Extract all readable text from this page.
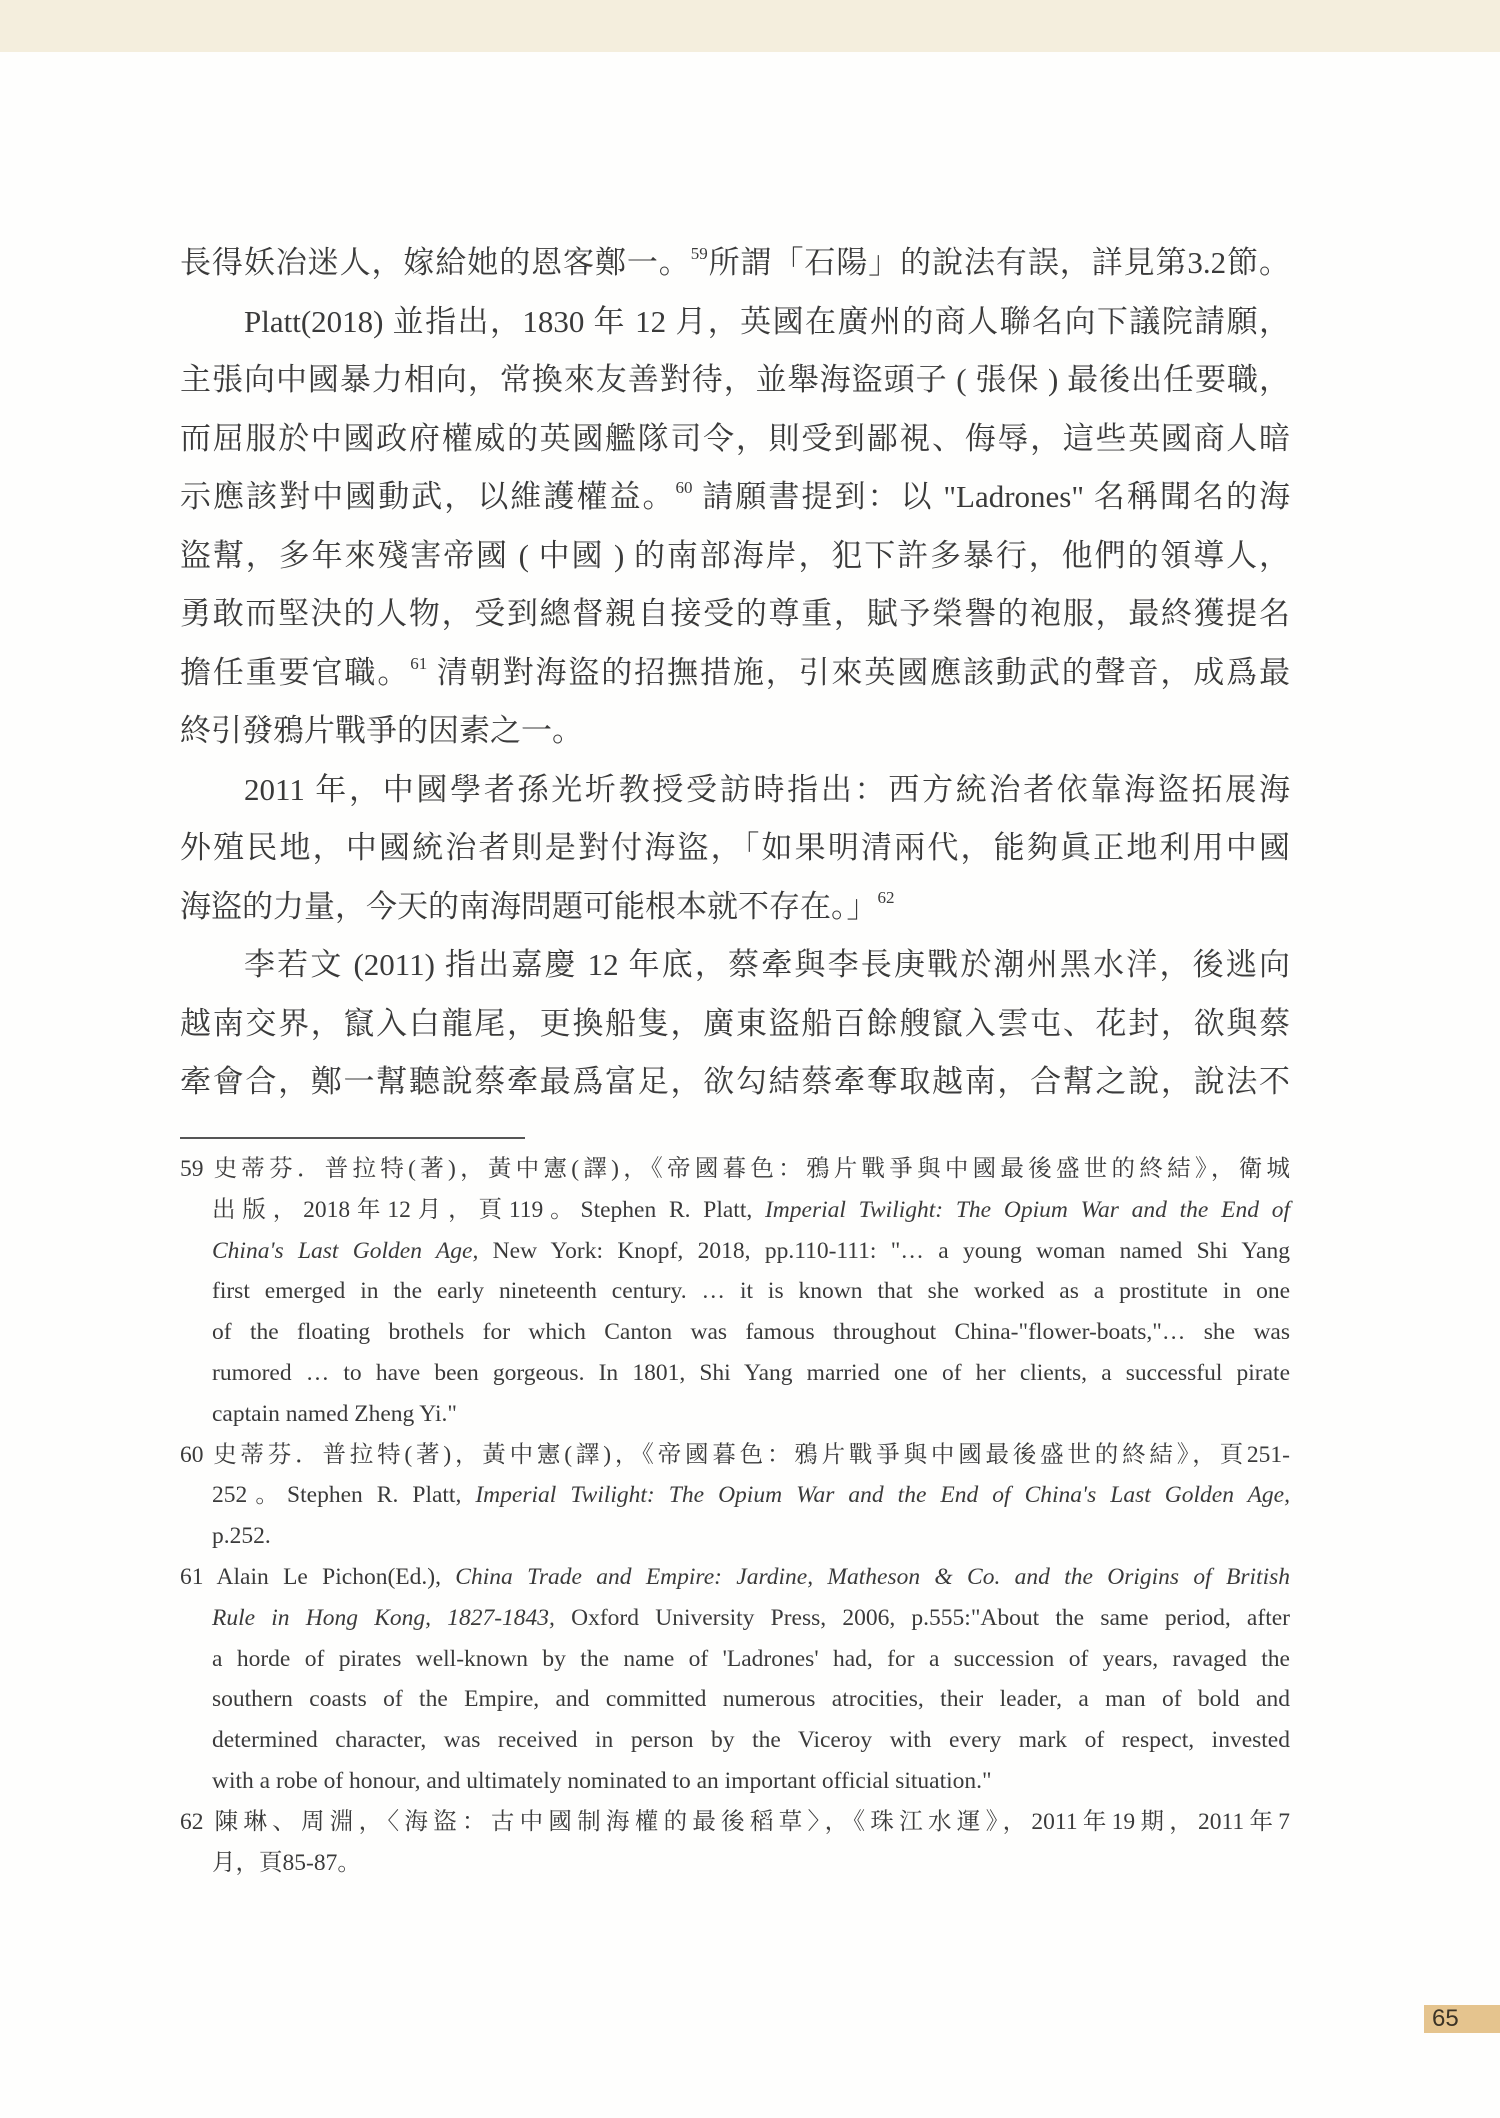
長得妖冶迷人，嫁給她的恩客鄭一。$^{59}$所謂「石陽」的說法有誤，詳見第3.2節。
Platt(2018) 並指出，1830 年 12 月，英國在廣州的商人聯名向下議院請願，
主張向中國暴力相向，常換來友善對待，並舉海盜頭子 ( 張保 ) 最後出任要職，
而屈服於中國政府權威的英國艦隊司令，則受到鄙視、侮辱，這些英國商人暗
示應該對中國動武，以維護權益。$^{60}$ 請願書提到：以 "Ladrones" 名稱聞名的海
盜幫，多年來殘害帝國 ( 中國 ) 的南部海岸，犯下許多暴行，他們的領導人，
勇敢而堅決的人物，受到總督親自接受的尊重，賦予榮譽的袍服，最終獲提名
擔任重要官職。$^{61}$ 清朝對海盜的招撫措施，引來英國應該動武的聲音，成爲最
終引發鴉片戰爭的因素之一。
2011 年，中國學者孫光圻教授受訪時指出：西方統治者依靠海盜拓展海
外殖民地，中國統治者則是對付海盜，「如果明清兩代，能夠眞正地利用中國
海盜的力量，今天的南海問題可能根本就不存在。」$^{62}$
李若文 (2011) 指出嘉慶 12 年底，蔡牽與李長庚戰於潮州黑水洋，後逃向
越南交界，竄入白龍尾，更換船隻，廣東盜船百餘艘竄入雲屯、花封，欲與蔡
牽會合，鄭一幫聽說蔡牽最爲富足，欲勾結蔡牽奪取越南，合幫之說，說法不
59 史蒂芬．普拉特(著)，黃中憲(譯)，《帝國暮色：鴉片戰爭與中國最後盛世的終結》，衛城
出版，2018年12月，頁119。Stephen R. Platt, Imperial Twilight: The Opium War and the End of
China's Last Golden Age, New York: Knopf, 2018, pp.110-111: "… a young woman named Shi Yang
first emerged in the early nineteenth century. … it is known that she worked as a prostitute in one
of the floating brothels for which Canton was famous throughout China-"flower-boats,"… she was
rumored … to have been gorgeous. In 1801, Shi Yang married one of her clients, a successful pirate
captain named Zheng Yi."
60 史蒂芬．普拉特(著)，黃中憲(譯)，《帝國暮色：鴉片戰爭與中國最後盛世的終結》，頁251-
252。Stephen R. Platt, Imperial Twilight: The Opium War and the End of China's Last Golden Age,
p.252.
61 Alain Le Pichon(Ed.), China Trade and Empire: Jardine, Matheson & Co. and the Origins of British
Rule in Hong Kong, 1827-1843, Oxford University Press, 2006, p.555:"About the same period, after
a horde of pirates well-known by the name of 'Ladrones' had, for a succession of years, ravaged the
southern coasts of the Empire, and committed numerous atrocities, their leader, a man of bold and
determined character, was received in person by the Viceroy with every mark of respect, invested
with a robe of honour, and ultimately nominated to an important official situation."
62 陳琳、周淵，〈海盜：古中國制海權的最後稻草〉，《珠江水運》，2011年19期，2011年7
月，頁85-87。
65
